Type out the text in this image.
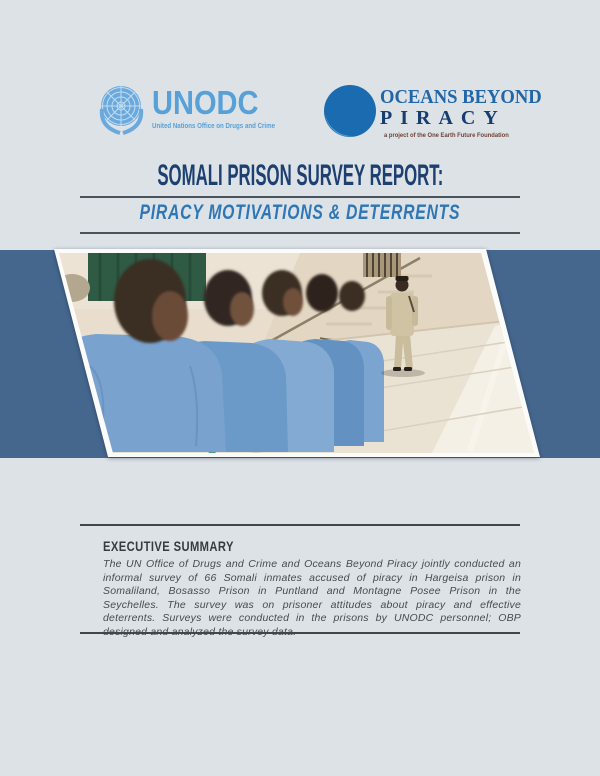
UNODC
United Nations Office on Drugs and Crime
OCEANS BEYOND
PIRACY
a project of the One Earth Future Foundation
SOMALI PRISON SURVEY REPORT:
PIRACY MOTIVATIONS & DETERRENTS
EXECUTIVE SUMMARY
The UN Office of Drugs and Crime and Oceans Beyond Piracy jointly conducted an informal survey of 66 Somali inmates accused of piracy in Hargeisa prison in Somaliland, Bosasso Prison in Puntland and Montagne Posee Prison in the Seychelles. The survey was on prisoner attitudes about piracy and effective deterrents. Surveys were conducted in the prisons by UNODC personnel; OBP designed and analyzed the survey data.
